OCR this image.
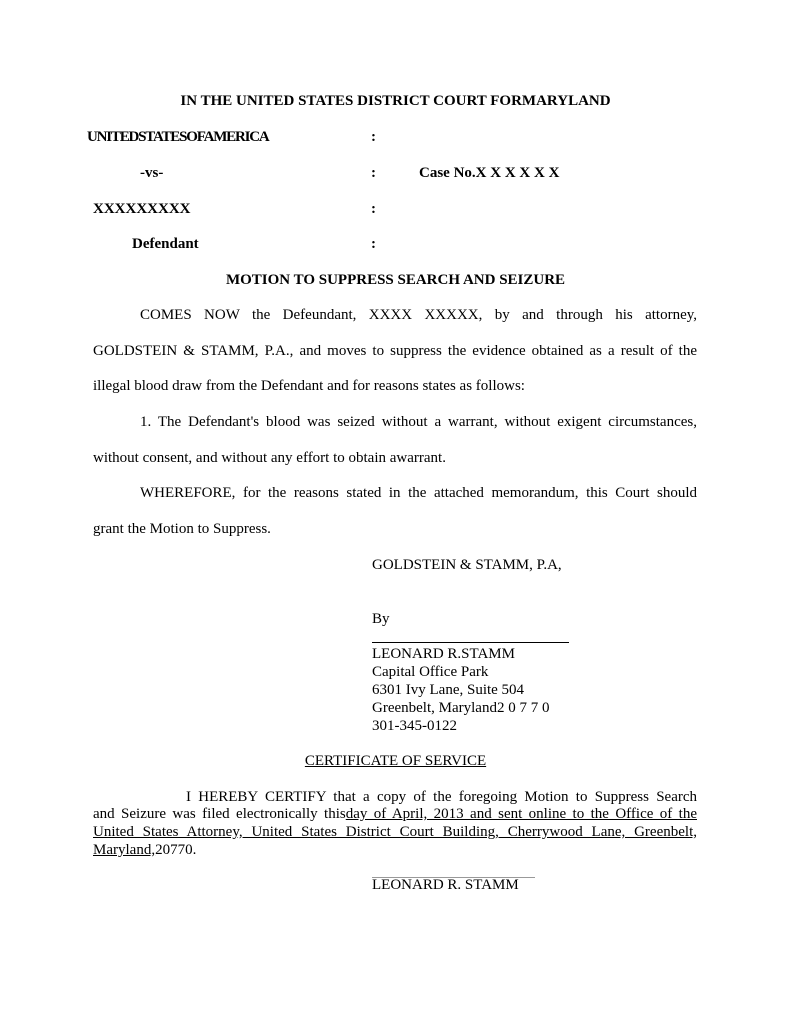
IN THE UNITED STATES DISTRICT COURT FORMARYLAND
UNITEDSTATESOFAMERICA	:
-vs-	:	Case No.X X X X X X
XXXXXXXXX	:
Defendant	:
MOTION TO SUPPRESS SEARCH AND SEIZURE
COMES NOW the Defeundant, XXXX XXXXX, by and through his attorney,
GOLDSTEIN & STAMM, P.A., and moves to suppress the evidence obtained as a result of the
illegal blood draw from the Defendant and for reasons states as follows:
1. The Defendant's blood was seized without a warrant, without exigent circumstances,
without consent, and without any effort to obtain awarrant.
WHEREFORE, for the reasons stated in the attached memorandum, this Court should
grant the Motion to Suppress.
GOLDSTEIN & STAMM, P.A,
By
LEONARD R.STAMM
Capital Office Park
6301 Ivy Lane, Suite 504
Greenbelt, Maryland2 0 7 7 0
301-345-0122
CERTIFICATE OF SERVICE
I HEREBY CERTIFY that a copy of the foregoing Motion to Suppress Search
and Seizure was filed electronically thisday of April, 2013 and sent online to the Office of the
United States Attorney, United States District Court Building, Cherrywood Lane, Greenbelt,
Maryland,20770.
LEONARD R. STAMM
